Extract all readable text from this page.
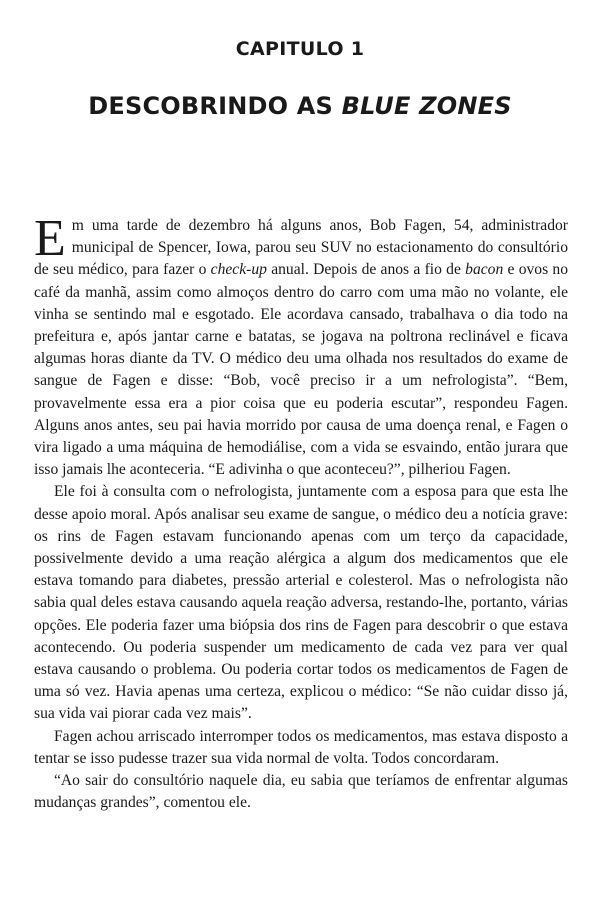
CAPITULO 1
DESCOBRINDO AS BLUE ZONES

Em uma tarde de dezembro há alguns anos, Bob Fagen, 54, administrador municipal de Spencer, Iowa, parou seu SUV no estacionamento do consultório de seu médico, para fazer o check-up anual. Depois de anos a fio de bacon e ovos no café da manhã, assim como almoços dentro do carro com uma mão no volante, ele vinha se sentindo mal e esgotado. Ele acordava cansado, trabalhava o dia todo na prefeitura e, após jantar carne e batatas, se jogava na poltrona reclinável e ficava algumas horas diante da TV. O médico deu uma olhada nos resultados do exame de sangue de Fagen e disse: “Bob, você preciso ir a um nefrologista”. “Bem, provavelmente essa era a pior coisa que eu poderia escutar”, respondeu Fagen. Alguns anos antes, seu pai havia morrido por causa de uma doença renal, e Fagen o vira ligado a uma máquina de hemodiálise, com a vida se esvaindo, então jurara que isso jamais lhe aconteceria. “E adivinha o que aconteceu?”, pilheriou Fagen.

Ele foi à consulta com o nefrologista, juntamente com a esposa para que esta lhe desse apoio moral. Após analisar seu exame de sangue, o médico deu a notícia grave: os rins de Fagen estavam funcionando apenas com um terço da capacidade, possivelmente devido a uma reação alérgica a algum dos medicamentos que ele estava tomando para diabetes, pressão arterial e colesterol. Mas o nefrologista não sabia qual deles estava causando aquela reação adversa, restando-lhe, portanto, várias opções. Ele poderia fazer uma biópsia dos rins de Fagen para descobrir o que estava acontecendo. Ou poderia suspender um medicamento de cada vez para ver qual estava causando o problema. Ou poderia cortar todos os medicamentos de Fagen de uma só vez. Havia apenas uma certeza, explicou o médico: “Se não cuidar disso já, sua vida vai piorar cada vez mais”.

Fagen achou arriscado interromper todos os medicamentos, mas estava disposto a tentar se isso pudesse trazer sua vida normal de volta. Todos concordaram.

“Ao sair do consultório naquele dia, eu sabia que teríamos de enfrentar algumas mudanças grandes”, comentou ele.
